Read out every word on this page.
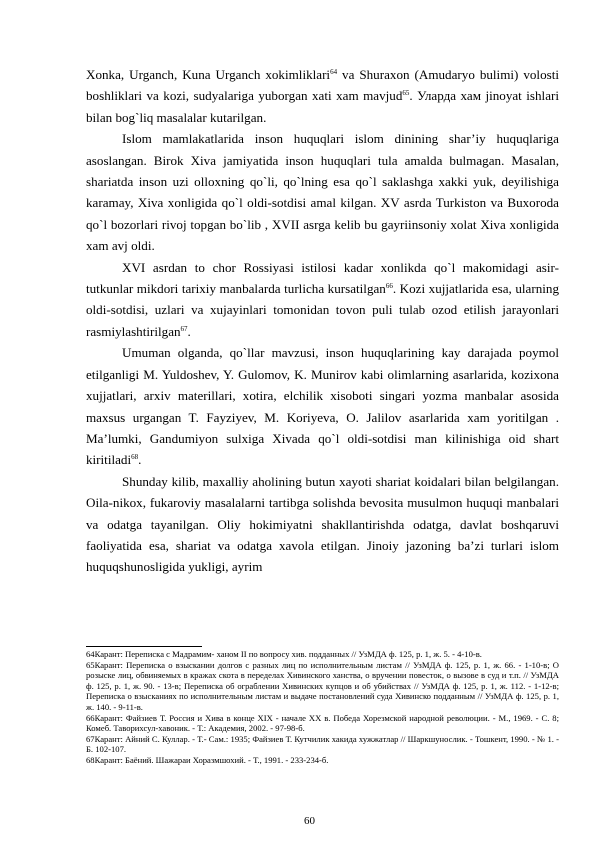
Xonka, Urganch, Kuna Urganch xokimliklari$^{64}$ va Shuraxon (Amudaryo bulimi) volosti boshliklari va kozi, sudyalariga yuborgan xati xam mavjud$^{65}$. Уларда хам jinoyat ishlari bilan bog`liq masalalar kutarilgan.

Islom mamlakatlarida inson huquqlari islom dinining shar’iy huquqlariga asoslangan. Birok Xiva jamiyatida inson huquqlari tula amalda bulmagan. Masalan, shariatda inson uzi olloxning qo`li, qo`lning esa qo`l saklashga xakki yuk, deyilishiga karamay, Xiva xonligida qo`l oldi-sotdisi amal kilgan. XV asrda Turkiston va Buxoroda qo`l bozorlari rivoj topgan bo`lib , XVII asrga kelib bu gayriinsoniy xolat Xiva xonligida xam avj oldi.

XVI asrdan to chor Rossiyasi istilosi kadar xonlikda qo`l makomidagi asir-tutkunlar mikdori tarixiy manbalarda turlicha kursatilgan$^{66}$. Kozi xujjatlarida esa, ularning oldi-sotdisi, uzlari va xujayinlari tomonidan tovon puli tulab ozod etilish jarayonlari rasmiylashtirilgan$^{67}$.

Umuman olganda, qo`llar mavzusi, inson huquqlarining kay darajada poymol etilganligi M. Yuldoshev, Y. Gulomov, K. Munirov kabi olimlarning asarlarida, kozixona xujjatlari, arxiv materillari, xotira, elchilik xisoboti singari yozma manbalar asosida maxsus urgangan T. Fayziyev, M. Koriyeva, O. Jalilov asarlarida xam yoritilgan . Ma’lumki, Gandumiyon sulxiga Xivada qo`l oldi-sotdisi man kilinishiga oid shart kiritiladi$^{68}$.

Shunday kilib, maxalliy aholining butun xayoti shariat koidalari bilan belgilangan. Oila-nikox, fukaroviy masalalarni tartibga solishda bevosita musulmon huquqi manbalari va odatga tayanilgan. Oliy hokimiyatni shakllantirishda odatga, davlat boshqaruvi faoliyatida esa, shariat va odatga xavola etilgan. Jinoiy jazoning ba’zi turlari islom huquqshunosligida yukligi, ayrim

64Карант: Переписка с Мадрамим- ханом II по вопросу хив. подданных // УзМДА ф. 125, р. 1, ж. 5. - 4-10-в.

65Карант: Переписка о взыскании долгов с разных лиц по исполнительным листам // УзМДА ф. 125, р. 1, ж. 66. - 1-10-в; О розыске лиц, обвиняемых в кражах скота в переделах Хивинского ханства, о вручении повесток, о вызове в суд и т.п. // УзМДА ф. 125, р. 1, ж. 90. - 13-в; Переписка об ограблении Хивинских купцов и об убийствах // УзМДА ф. 125, р. 1, ж. 112. - 1-12-в; Переписка о взысканиях по исполнительным листам и выдаче постановлений суда Хивинско подданным // УзМДА ф. 125, р. 1, ж. 140. - 9-11-в.

66Карант: Файзиев Т. Россия и Хива в конце XIX - начале XX в. Победа Хорезмской народной революции. - М., 1969. - С. 8; Комеб. Таворихсул-хавоник. - Т.: Академия, 2002. - 97-98-б.

67Карант: Айний С. Куллар. - Т.- Сам.: 1935; Файзиев Т. Кутчилик хакида хужжатлар // Шаркшунослик. - Тошкент, 1990. - № 1. - Б. 102-107.

68Карант: Баёний. Шажараи Хоразмшохий. - Т., 1991. - 233-234-б.

60
